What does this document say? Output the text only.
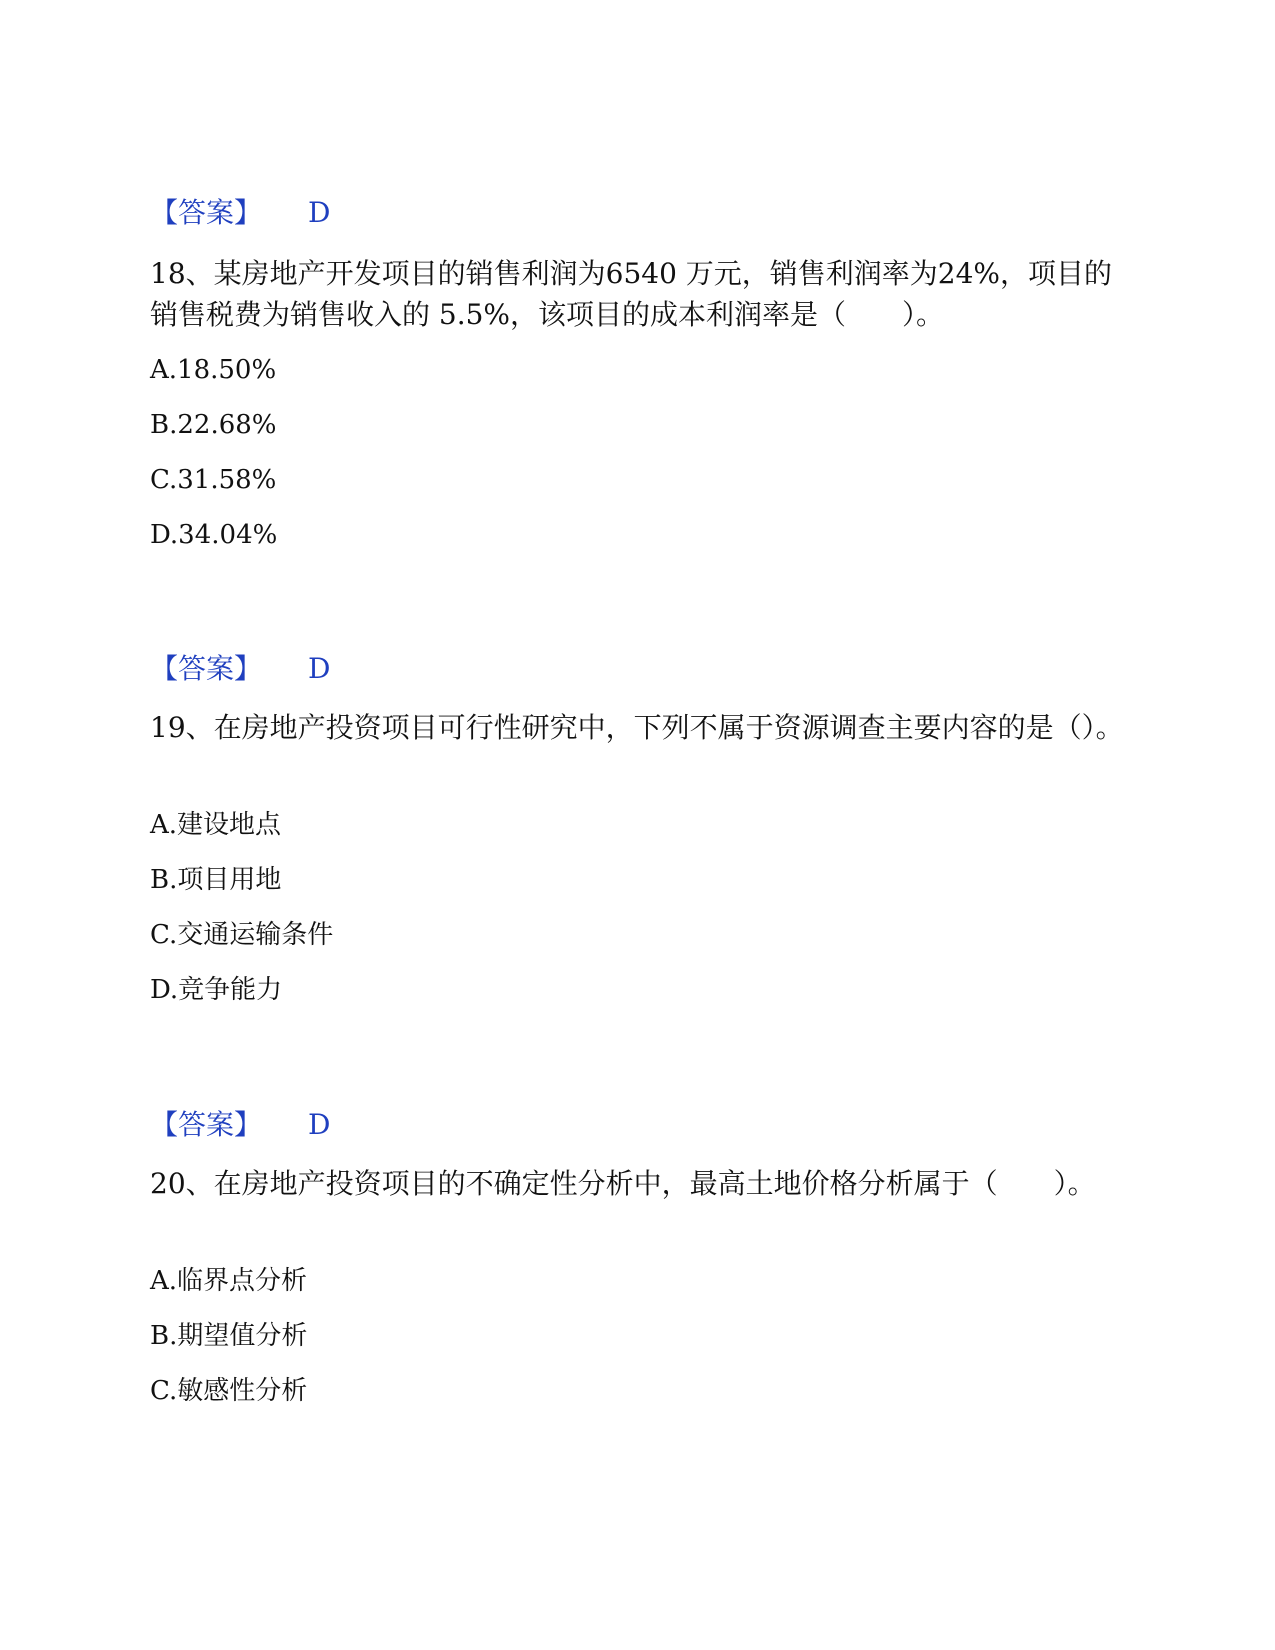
【答案】 D

18、某房地产开发项目的销售利润为6540 万元，销售利润率为24%，项目的销售税费为销售收入的 5.5%，该项目的成本利润率是（　　）。

A.18.50%
B.22.68%
C.31.58%
D.34.04%
【答案】 D

19、在房地产投资项目可行性研究中，下列不属于资源调查主要内容的是（）。

A.建设地点
B.项目用地
C.交通运输条件
D.竞争能力
【答案】 D

20、在房地产投资项目的不确定性分析中，最高土地价格分析属于（　　）。

A.临界点分析
B.期望值分析
C.敏感性分析
